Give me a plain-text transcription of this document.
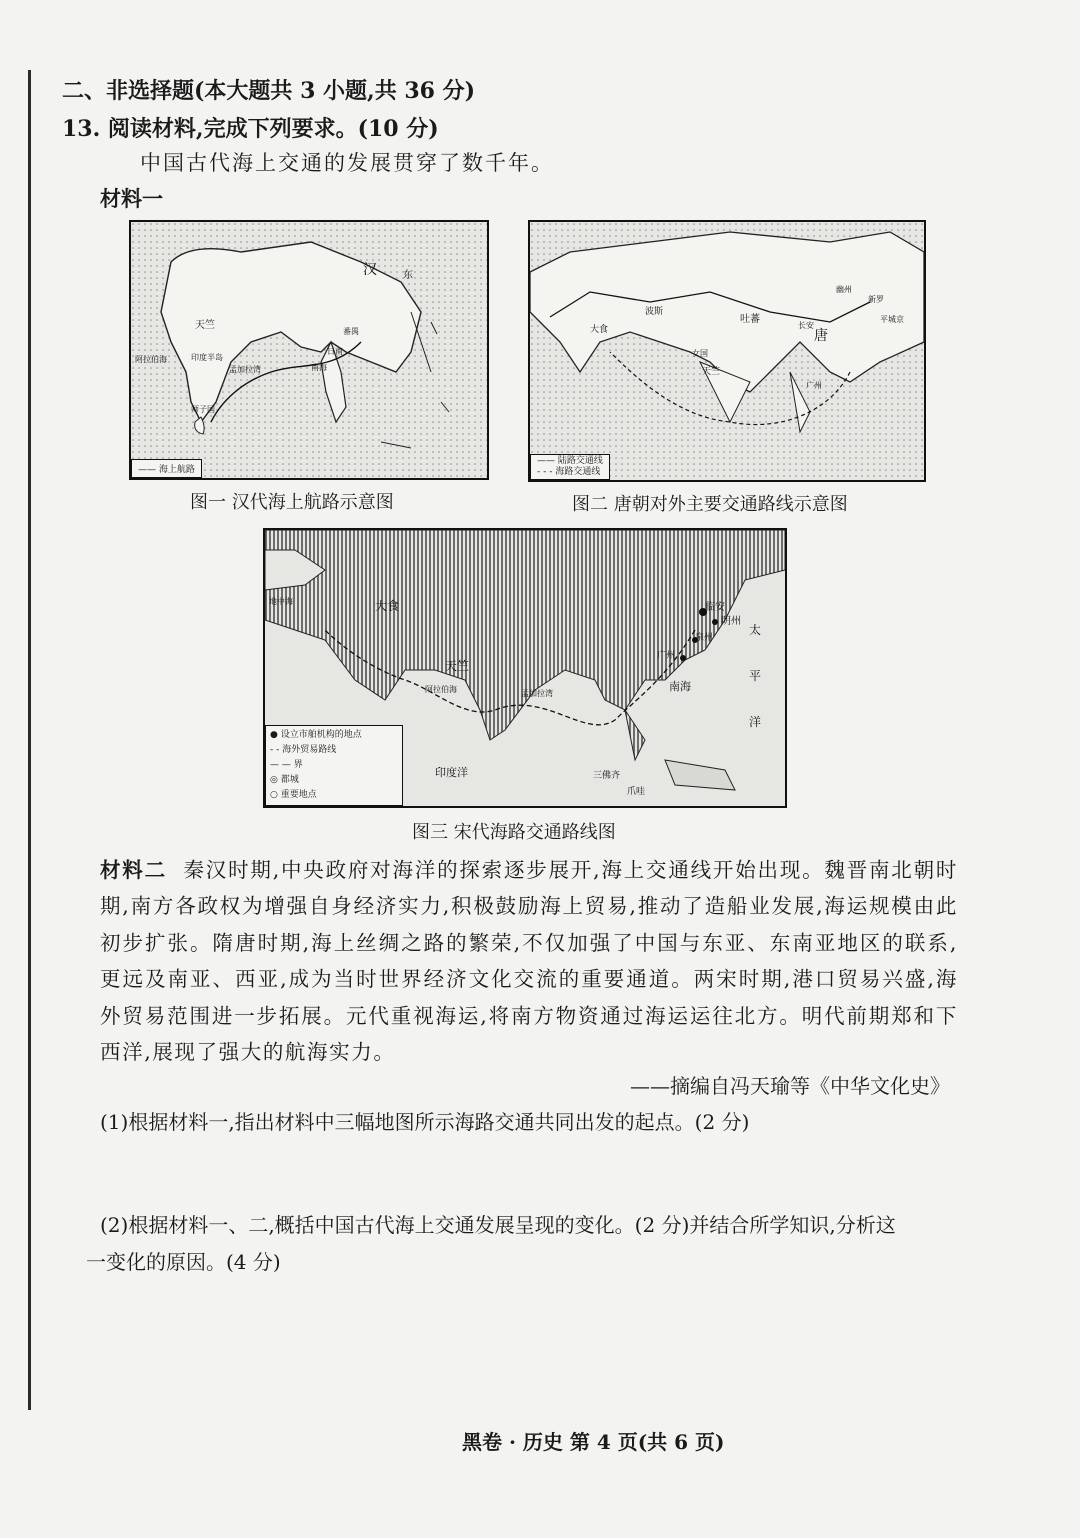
二、非选择题(本大题共 3 小题,共 36 分)
13. 阅读材料,完成下列要求。(10 分)
中国古代海上交通的发展贯穿了数千年。
材料一
汉	东
天竺
阿拉伯海	印度半岛
孟加拉湾
师子国
南海
番禺
日南
—— 海上航路
图一 汉代海上航路示意图
大食
波斯
吐蕃
唐
天竺
长安
广州
幽州
新罗
平城京
女国
—— 陆路交通线
- - - 海路交通线
图二 唐朝对外主要交通路线示意图
地中海	大食
天竺
阿拉伯海	孟加拉湾
印度洋
临安
明州
泉州
广州
太
平
洋
三佛齐
爪哇
南海
● 设立市舶机构的地点
- - 海外贸易路线
— — 界
◎ 都城
○ 重要地点
图三 宋代海路交通路线图
材料二 秦汉时期,中央政府对海洋的探索逐步展开,海上交通线开始出现。魏晋南北朝时期,南方各政权为增强自身经济实力,积极鼓励海上贸易,推动了造船业发展,海运规模由此初步扩张。隋唐时期,海上丝绸之路的繁荣,不仅加强了中国与东亚、东南亚地区的联系,更远及南亚、西亚,成为当时世界经济文化交流的重要通道。两宋时期,港口贸易兴盛,海外贸易范围进一步拓展。元代重视海运,将南方物资通过海运运往北方。明代前期郑和下西洋,展现了强大的航海实力。
——摘编自冯天瑜等《中华文化史》
(1)根据材料一,指出材料中三幅地图所示海路交通共同出发的起点。(2 分)
(2)根据材料一、二,概括中国古代海上交通发展呈现的变化。(2 分)并结合所学知识,分析这
一变化的原因。(4 分)
黑卷 · 历史 第 4 页(共 6 页)
